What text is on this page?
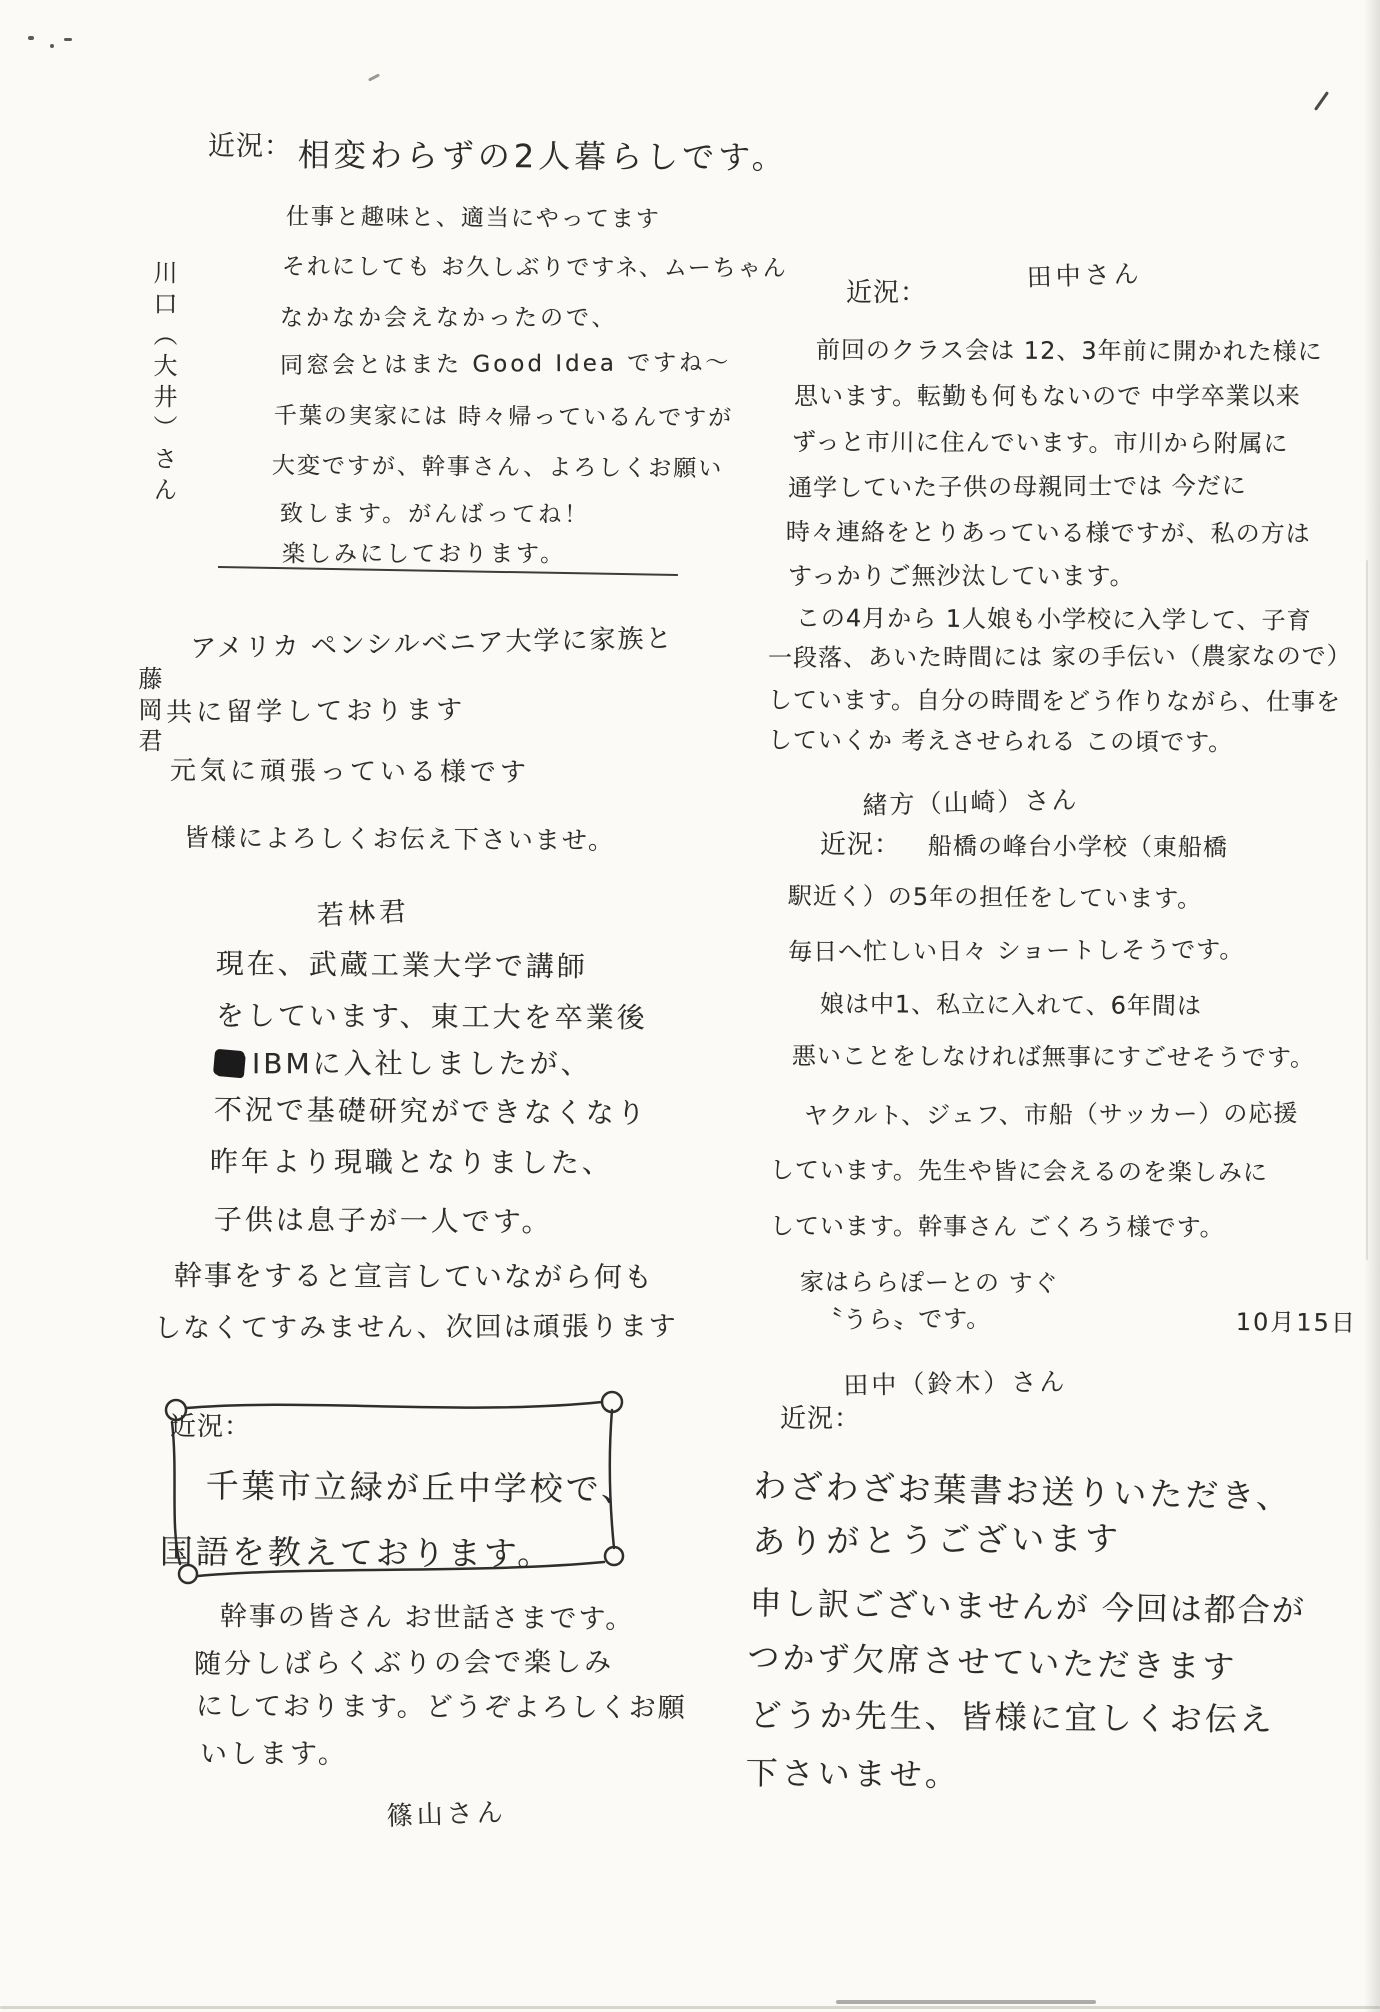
近況： 相変わらずの2人暮らしです。
仕事と趣味と、適当にやってます
それにしても お久しぶりですネ、ムーちゃん
なかなか会えなかったので、
同窓会とはまた Good Idea ですね〜
千葉の実家には 時々帰っているんですが
大変ですが、幹事さん、よろしくお願い
致します。がんばってね！
楽しみにしております。
川口（大井）さん
藤岡君
アメリカ ペンシルベニア大学に家族と
共に留学しております
元気に頑張っている様です
皆様によろしくお伝え下さいませ。
若林君
現在、武蔵工業大学で講師
をしています、東工大を卒業後
IBMに入社しましたが、
不況で基礎研究ができなくなり
昨年より現職となりました、
子供は息子が一人です。
幹事をすると宣言していながら何も
しなくてすみません、次回は頑張ります
近況：
千葉市立緑が丘中学校で、
国語を教えております。
幹事の皆さん お世話さまです。
随分しばらくぶりの会で楽しみ
にしております。どうぞよろしくお願
いします。
篠山さん
近況：
田中さん
前回のクラス会は 12、3年前に開かれた様に
思います。転勤も何もないので 中学卒業以来
ずっと市川に住んでいます。市川から附属に
通学していた子供の母親同士では 今だに
時々連絡をとりあっている様ですが、私の方は
すっかりご無沙汰しています。
この4月から 1人娘も小学校に入学して、子育
一段落、あいた時間には 家の手伝い（農家なので）
しています。自分の時間をどう作りながら、仕事を
していくか 考えさせられる この頃です。
緒方（山崎）さん
近況： 船橋の峰台小学校（東船橋
駅近く）の5年の担任をしています。
毎日へ忙しい日々 ショートしそうです。
娘は中1、私立に入れて、6年間は
悪いことをしなければ無事にすごせそうです。
ヤクルト、ジェフ、市船（サッカー）の応援
しています。先生や皆に会えるのを楽しみに
しています。幹事さん ごくろう様です。
家はららぽーとの すぐ
〝うら〟です。	10月15日
田中（鈴木）さん
近況：
わざわざお葉書お送りいただき、
ありがとうございます
申し訳ございませんが 今回は都合が
つかず欠席させていただきます
どうか先生、皆様に宜しくお伝え
下さいませ。
